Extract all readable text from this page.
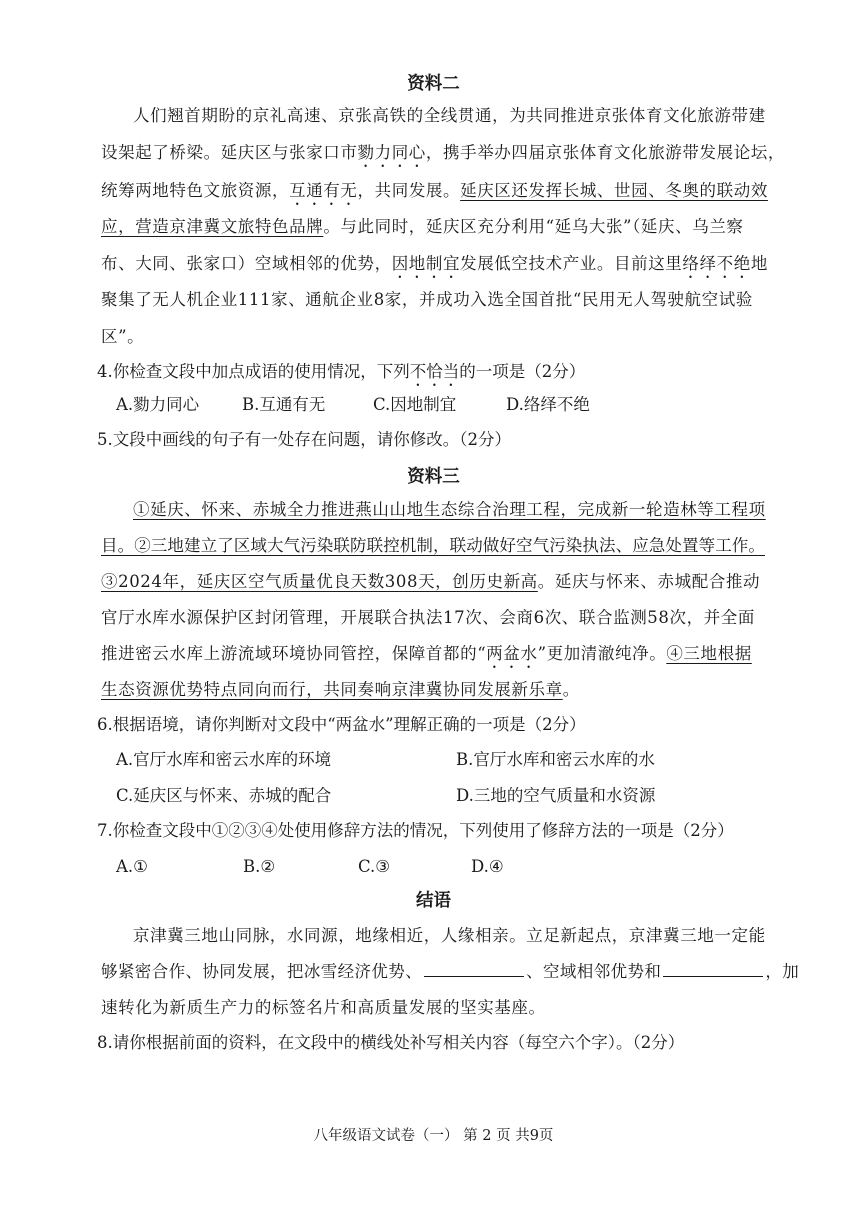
资料二
人们翘首期盼的京礼高速、京张高铁的全线贯通，为共同推进京张体育文化旅游带建
设架起了桥梁。延庆区与张家口市勠力同心，携手举办四届京张体育文化旅游带发展论坛，
统筹两地特色文旅资源，互通有无，共同发展。延庆区还发挥长城、世园、冬奥的联动效
应，营造京津冀文旅特色品牌。与此同时，延庆区充分利用“延乌大张”（延庆、乌兰察
布、大同、张家口）空域相邻的优势，因地制宜发展低空技术产业。目前这里络绎不绝地
聚集了无人机企业111家、通航企业8家，并成功入选全国首批“民用无人驾驶航空试验
区”。
4.你检查文段中加点成语的使用情况，下列不恰当的一项是（2分）
A.勠力同心	B.互通有无	C.因地制宜	D.络绎不绝
5.文段中画线的句子有一处存在问题，请你修改。（2分）
资料三
①延庆、怀来、赤城全力推进燕山山地生态综合治理工程，完成新一轮造林等工程项
目。②三地建立了区域大气污染联防联控机制，联动做好空气污染执法、应急处置等工作。
③2024年，延庆区空气质量优良天数308天，创历史新高。延庆与怀来、赤城配合推动
官厅水库水源保护区封闭管理，开展联合执法17次、会商6次、联合监测58次，并全面
推进密云水库上游流域环境协同管控，保障首都的“两盆水”更加清澈纯净。④三地根据
生态资源优势特点同向而行，共同奏响京津冀协同发展新乐章。
6.根据语境，请你判断对文段中“两盆水”理解正确的一项是（2分）
A.官厅水库和密云水库的环境	B.官厅水库和密云水库的水
C.延庆区与怀来、赤城的配合	D.三地的空气质量和水资源
7.你检查文段中①②③④处使用修辞方法的情况，下列使用了修辞方法的一项是（2分）
A.①	B.②	C.③	D.④
结语
京津冀三地山同脉，水同源，地缘相近，人缘相亲。立足新起点，京津冀三地一定能
够紧密合作、协同发展，把冰雪经济优势、	、空域相邻优势和	，加
速转化为新质生产力的标签名片和高质量发展的坚实基座。
8.请你根据前面的资料，在文段中的横线处补写相关内容（每空六个字）。（2分）
八年级语文试卷（一） 第 2 页 共9页
